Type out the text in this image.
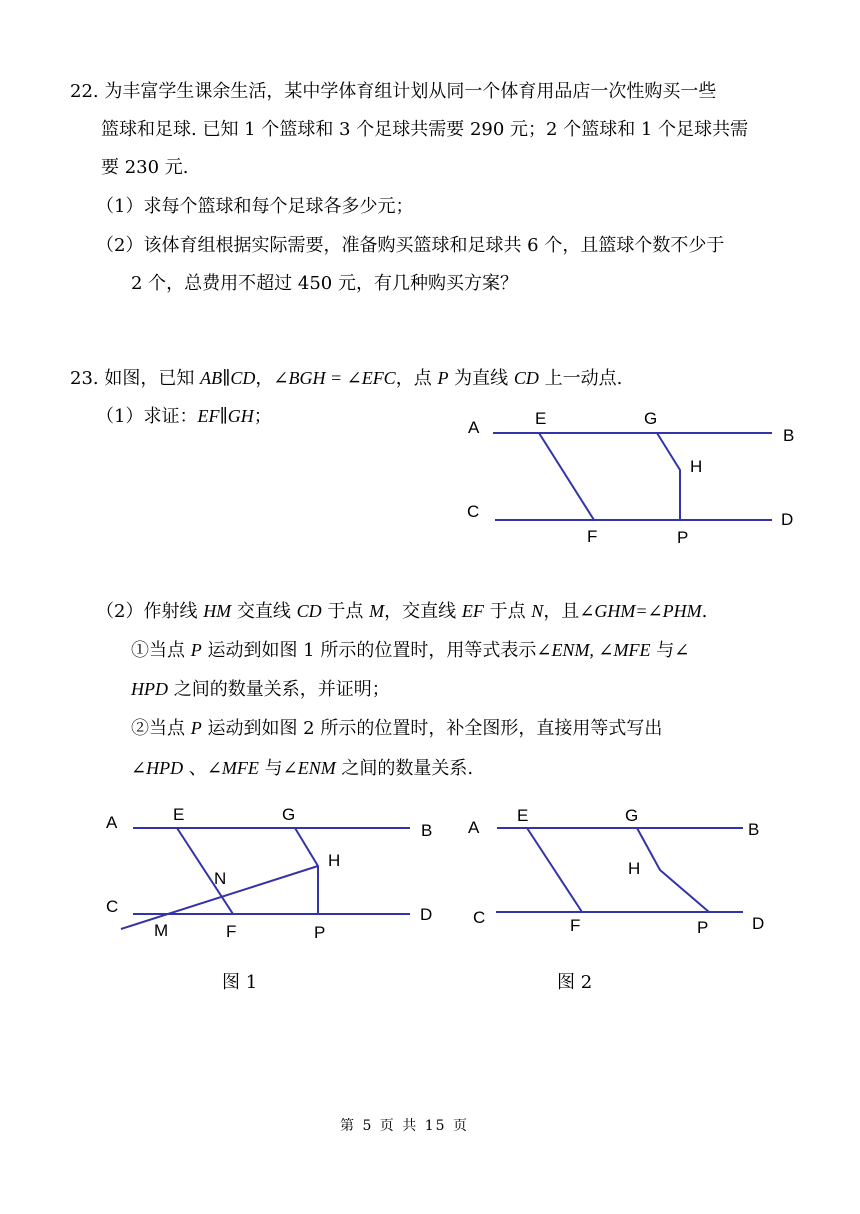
22. 为丰富学生课余生活，某中学体育组计划从同一个体育用品店一次性购买一些
篮球和足球. 已知 1 个篮球和 3 个足球共需要 290 元；2 个篮球和 1 个足球共需
要 230 元.
（1）求每个篮球和每个足球各多少元；
（2）该体育组根据实际需要，准备购买篮球和足球共 6 个，且篮球个数不少于
2 个，总费用不超过 450 元，有几种购买方案？
23. 如图，已知 AB∥CD，∠BGH = ∠EFC，点 P 为直线 CD 上一动点.
（1）求证：EF∥GH；
A	B
C	D
E
F
G
H
P
（2）作射线 HM 交直线 CD 于点 M，交直线 EF 于点 N，且∠GHM=∠PHM.
①当点 P 运动到如图 1 所示的位置时，用等式表示∠ENM, ∠MFE 与∠
HPD 之间的数量关系，并证明；
②当点 P 运动到如图 2 所示的位置时，补全图形，直接用等式写出
∠HPD 、∠MFE 与∠ENM 之间的数量关系.
A	B
C	D
E
F
G
H
P
M
N
A	B
C	D
E
F
G
H
P
图 1	图 2
第 5 页 共 15 页
